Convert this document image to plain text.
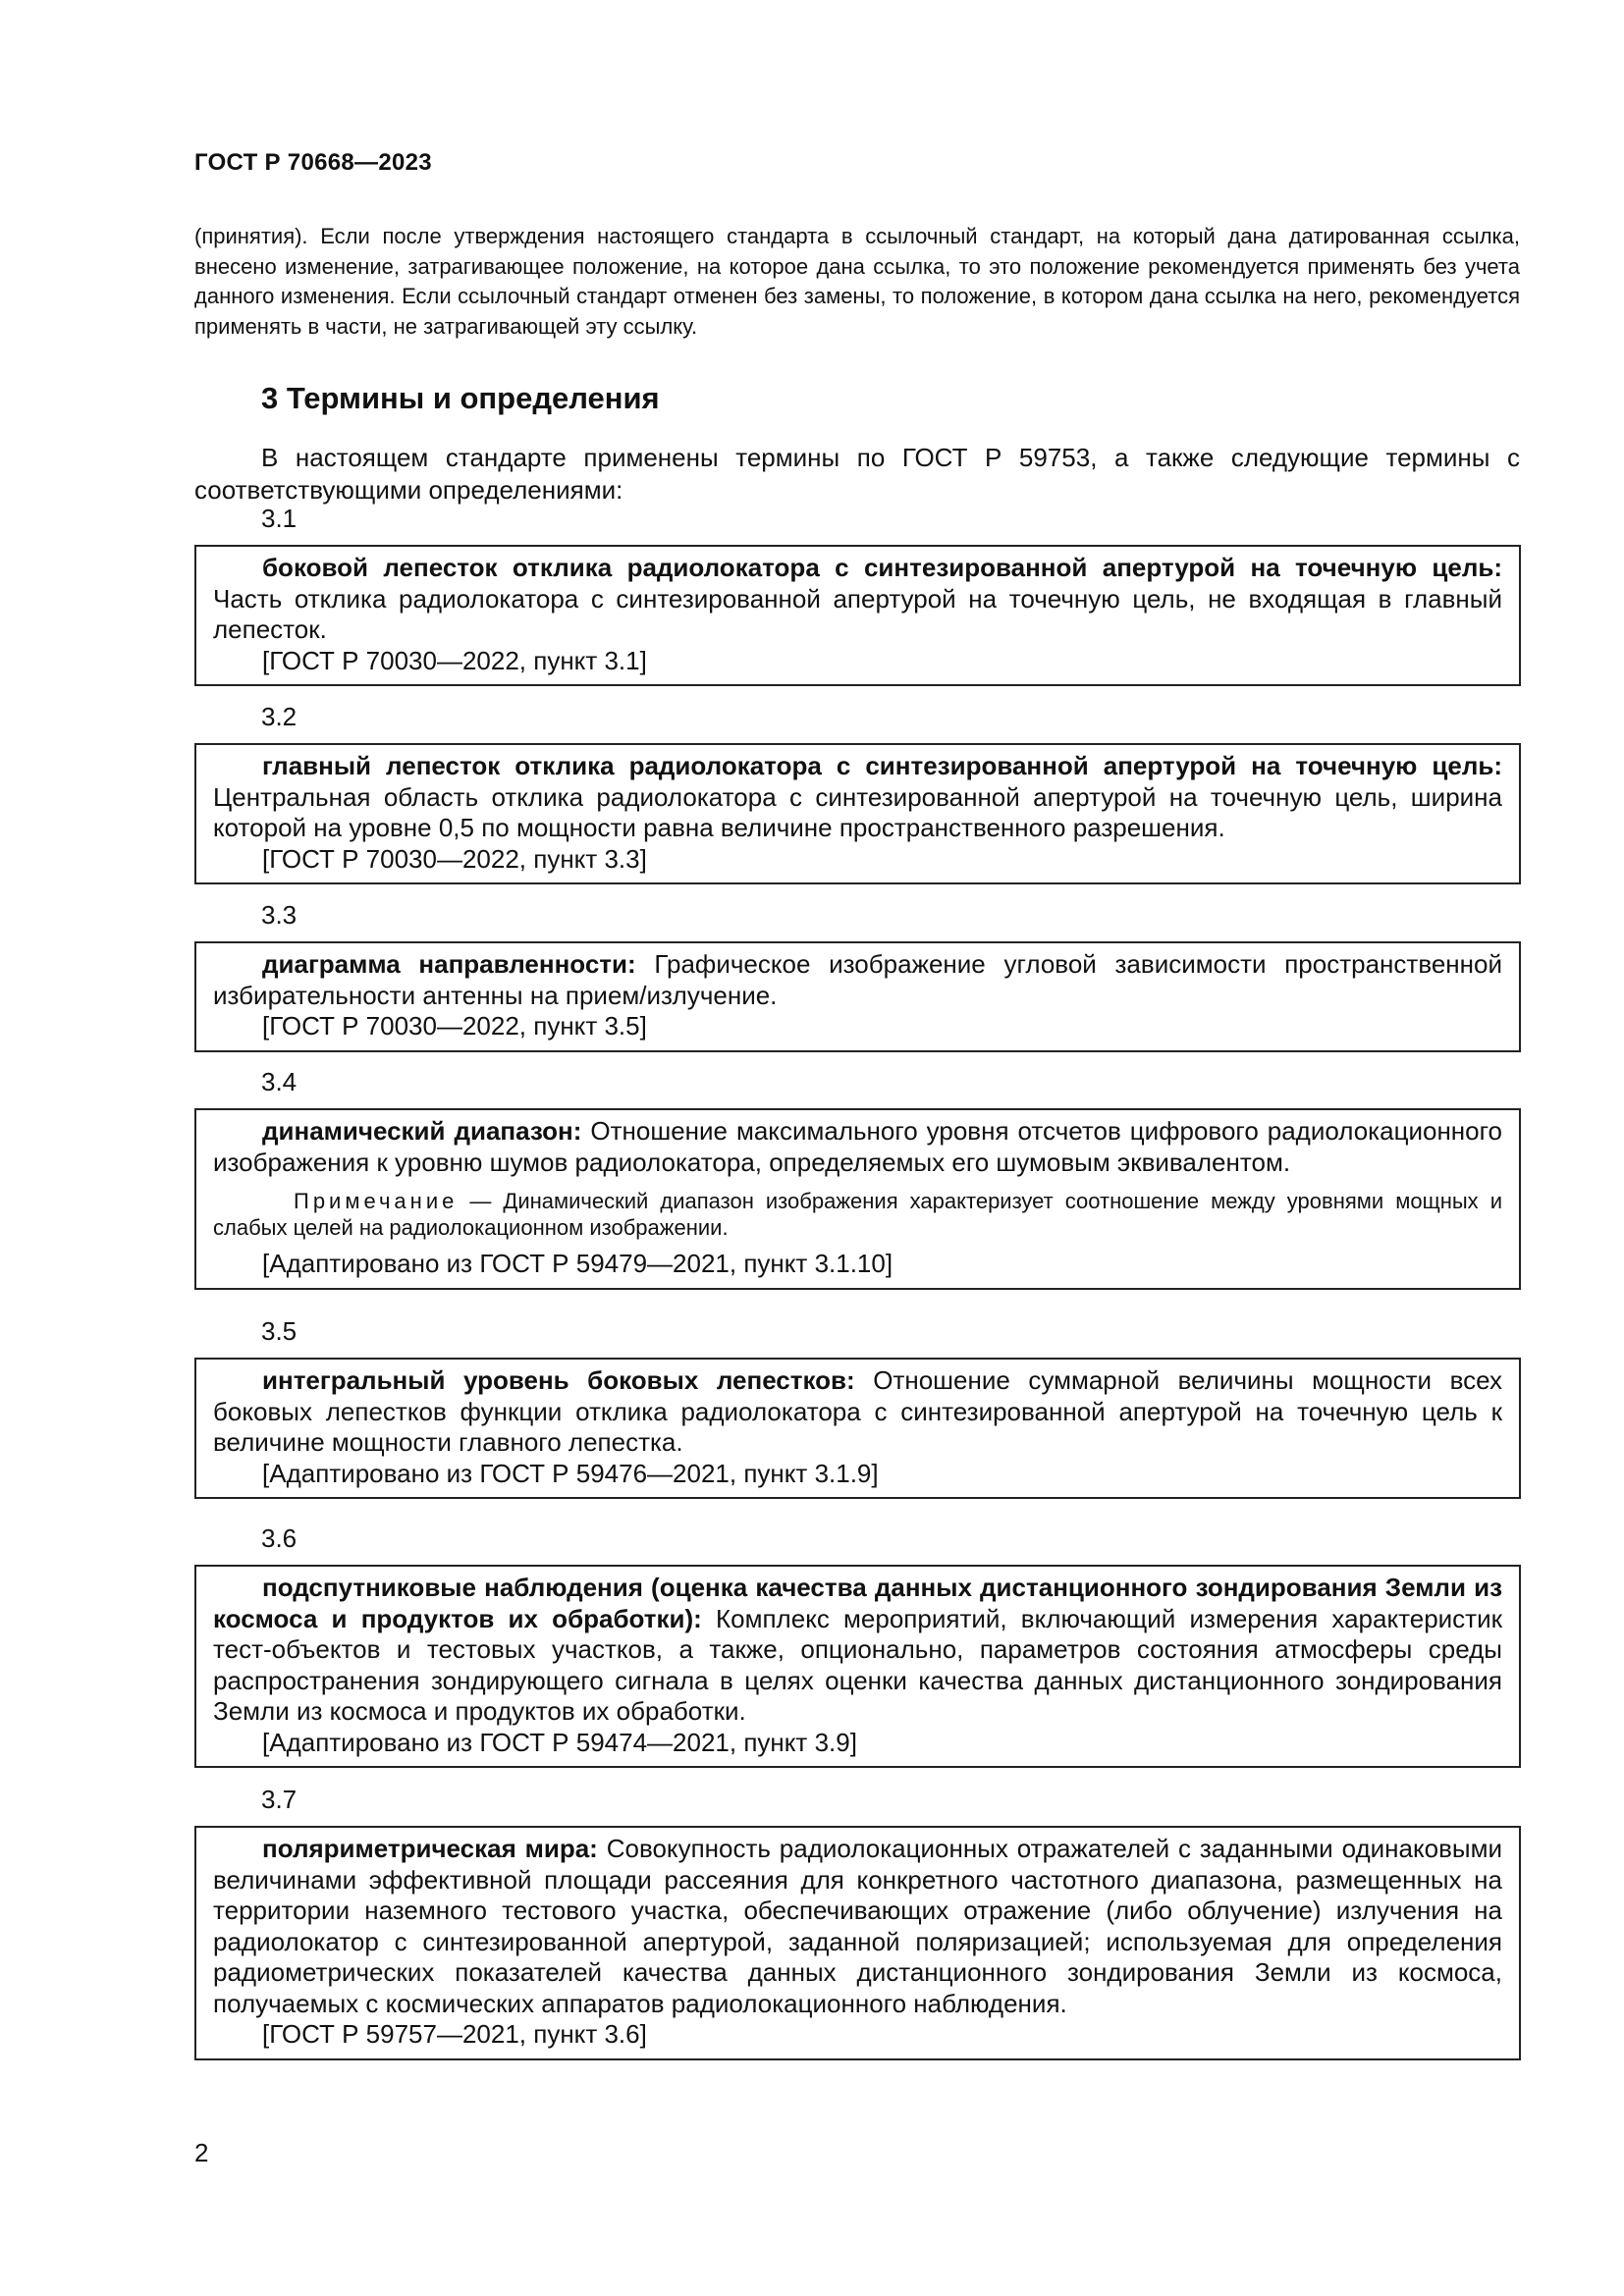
ГОСТ Р 70668—2023
(принятия). Если после утверждения настоящего стандарта в ссылочный стандарт, на который дана датированная ссылка, внесено изменение, затрагивающее положение, на которое дана ссылка, то это положение рекомендуется применять без учета данного изменения. Если ссылочный стандарт отменен без замены, то положение, в котором дана ссылка на него, рекомендуется применять в части, не затрагивающей эту ссылку.
3 Термины и определения
В настоящем стандарте применены термины по ГОСТ Р 59753, а также следующие термины с соответствующими определениями:
3.1

боковой лепесток отклика радиолокатора с синтезированной апертурой на точечную цель: Часть отклика радиолокатора с синтезированной апертурой на точечную цель, не входящая в главный лепесток.

[ГОСТ Р 70030—2022, пункт 3.1]

3.2

главный лепесток отклика радиолокатора с синтезированной апертурой на точечную цель: Центральная область отклика радиолокатора с синтезированной апертурой на точечную цель, ширина которой на уровне 0,5 по мощности равна величине пространственного разрешения.

[ГОСТ Р 70030—2022, пункт 3.3]

3.3

диаграмма направленности: Графическое изображение угловой зависимости пространственной избирательности антенны на прием/излучение.

[ГОСТ Р 70030—2022, пункт 3.5]

3.4

динамический диапазон: Отношение максимального уровня отсчетов цифрового радиолокационного изображения к уровню шумов радиолокатора, определяемых его шумовым эквивалентом.

Примечание — Динамический диапазон изображения характеризует соотношение между уровнями мощных и слабых целей на радиолокационном изображении.

[Адаптировано из ГОСТ Р 59479—2021, пункт 3.1.10]

3.5

интегральный уровень боковых лепестков: Отношение суммарной величины мощности всех боковых лепестков функции отклика радиолокатора с синтезированной апертурой на точечную цель к величине мощности главного лепестка.

[Адаптировано из ГОСТ Р 59476—2021, пункт 3.1.9]

3.6

подспутниковые наблюдения (оценка качества данных дистанционного зондирования Земли из космоса и продуктов их обработки): Комплекс мероприятий, включающий измерения характеристик тест-объектов и тестовых участков, а также, опционально, параметров состояния атмосферы среды распространения зондирующего сигнала в целях оценки качества данных дистанционного зондирования Земли из космоса и продуктов их обработки.

[Адаптировано из ГОСТ Р 59474—2021, пункт 3.9]

3.7

поляриметрическая мира: Совокупность радиолокационных отражателей с заданными одинаковыми величинами эффективной площади рассеяния для конкретного частотного диапазона, размещенных на территории наземного тестового участка, обеспечивающих отражение (либо облучение) излучения на радиолокатор с синтезированной апертурой, заданной поляризацией; используемая для определения радиометрических показателей качества данных дистанционного зондирования Земли из космоса, получаемых с космических аппаратов радиолокационного наблюдения.

[ГОСТ Р 59757—2021, пункт 3.6]

2
